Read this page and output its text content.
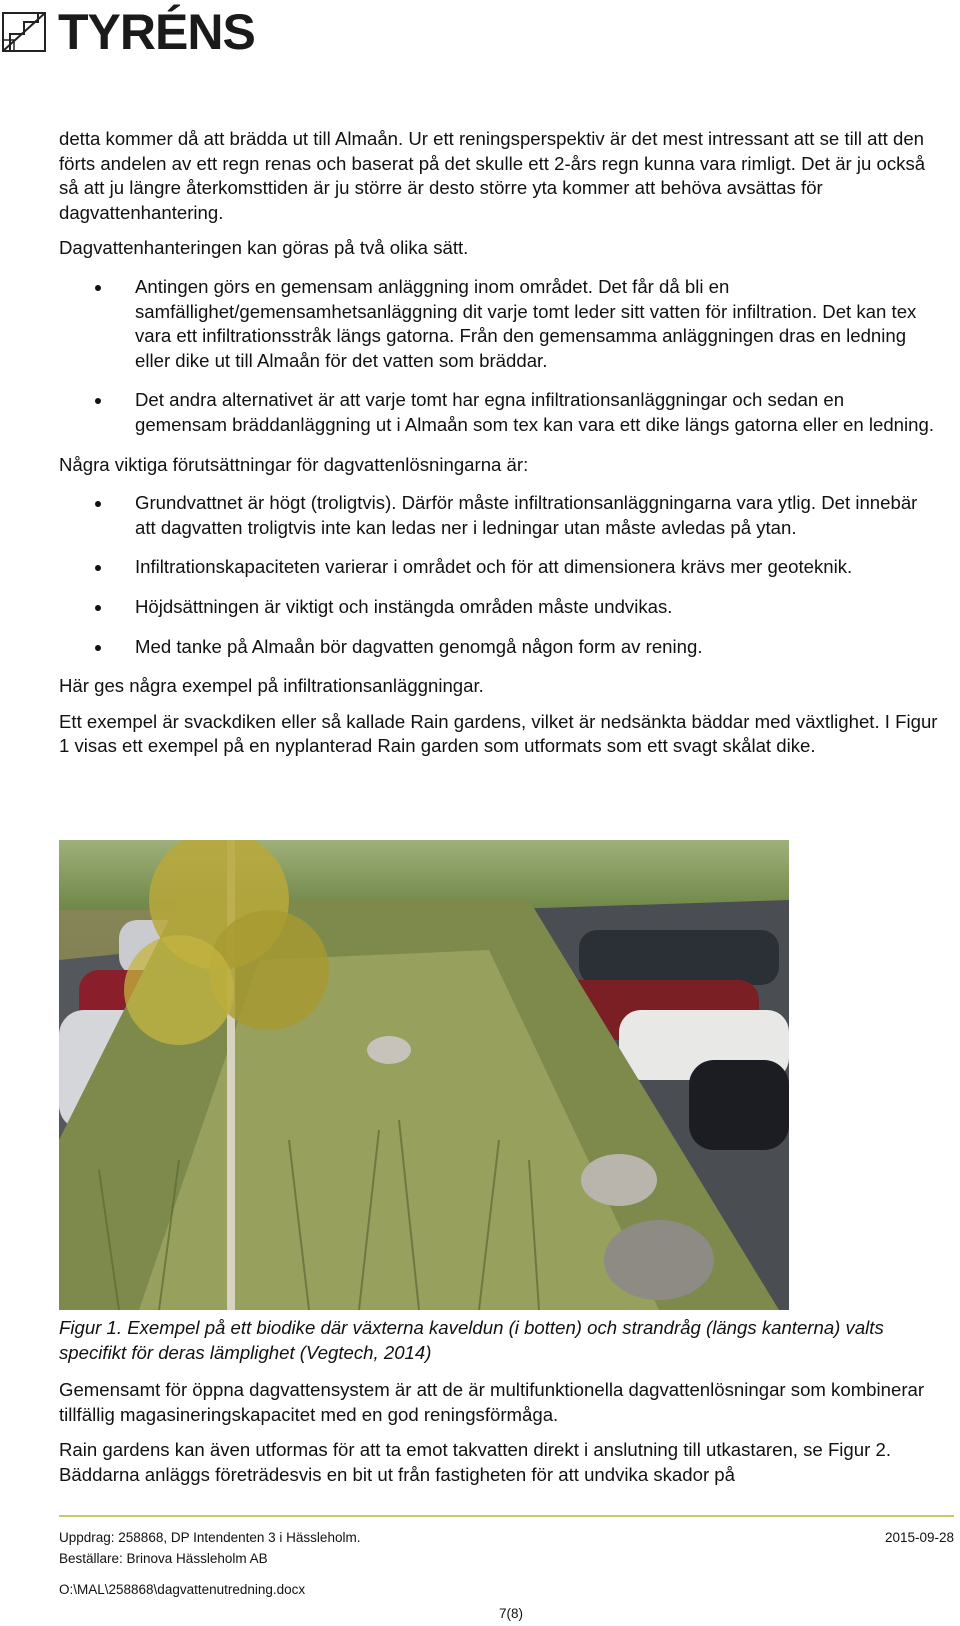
TYRÉNS

detta kommer då att brädda ut till Almaån. Ur ett reningsperspektiv är det mest intressant att se till att den förts andelen av ett regn renas och baserat på det skulle ett 2-års regn kunna vara rimligt. Det är ju också så att ju längre återkomsttiden är ju större är desto större yta kommer att behöva avsättas för dagvattenhantering.

Dagvattenhanteringen kan göras på två olika sätt.

Antingen görs en gemensam anläggning inom området. Det får då bli en samfällighet/gemensamhetsanläggning dit varje tomt leder sitt vatten för infiltration. Det kan tex vara ett infiltrationsstråk längs gatorna. Från den gemensamma anläggningen dras en ledning eller dike ut till Almaån för det vatten som bräddar.
Det andra alternativet är att varje tomt har egna infiltrationsanläggningar och sedan en gemensam bräddanläggning ut i Almaån som tex kan vara ett dike längs gatorna eller en ledning.

Några viktiga förutsättningar för dagvattenlösningarna är:

Grundvattnet är högt (troligtvis). Därför måste infiltrationsanläggningarna vara ytlig. Det innebär att dagvatten troligtvis inte kan ledas ner i ledningar utan måste avledas på ytan.
Infiltrationskapaciteten varierar i området och för att dimensionera krävs mer geoteknik.
Höjdsättningen är viktigt och instängda områden måste undvikas.
Med tanke på Almaån bör dagvatten genomgå någon form av rening.

Här ges några exempel på infiltrationsanläggningar.

Ett exempel är svackdiken eller så kallade Rain gardens, vilket är nedsänkta bäddar med växtlighet. I Figur 1 visas ett exempel på en nyplanterad Rain garden som utformats som ett svagt skålat dike.

Figur 1. Exempel på ett biodike där växterna kaveldun (i botten) och strandråg (längs kanterna) valts specifikt för deras lämplighet (Vegtech, 2014)

Gemensamt för öppna dagvattensystem är att de är multifunktionella dagvattenlösningar som kombinerar tillfällig magasineringskapacitet med en god reningsförmåga.

Rain gardens kan även utformas för att ta emot takvatten direkt i anslutning till utkastaren, se Figur 2. Bäddarna anläggs företrädesvis en bit ut från fastigheten för att undvika skador på

Uppdrag: 258868, DP Intendenten 3 i Hässleholm.	2015-09-28
Beställare: Brinova Hässleholm AB
O:\MAL\258868\dagvattenutredning.docx
7(8)
